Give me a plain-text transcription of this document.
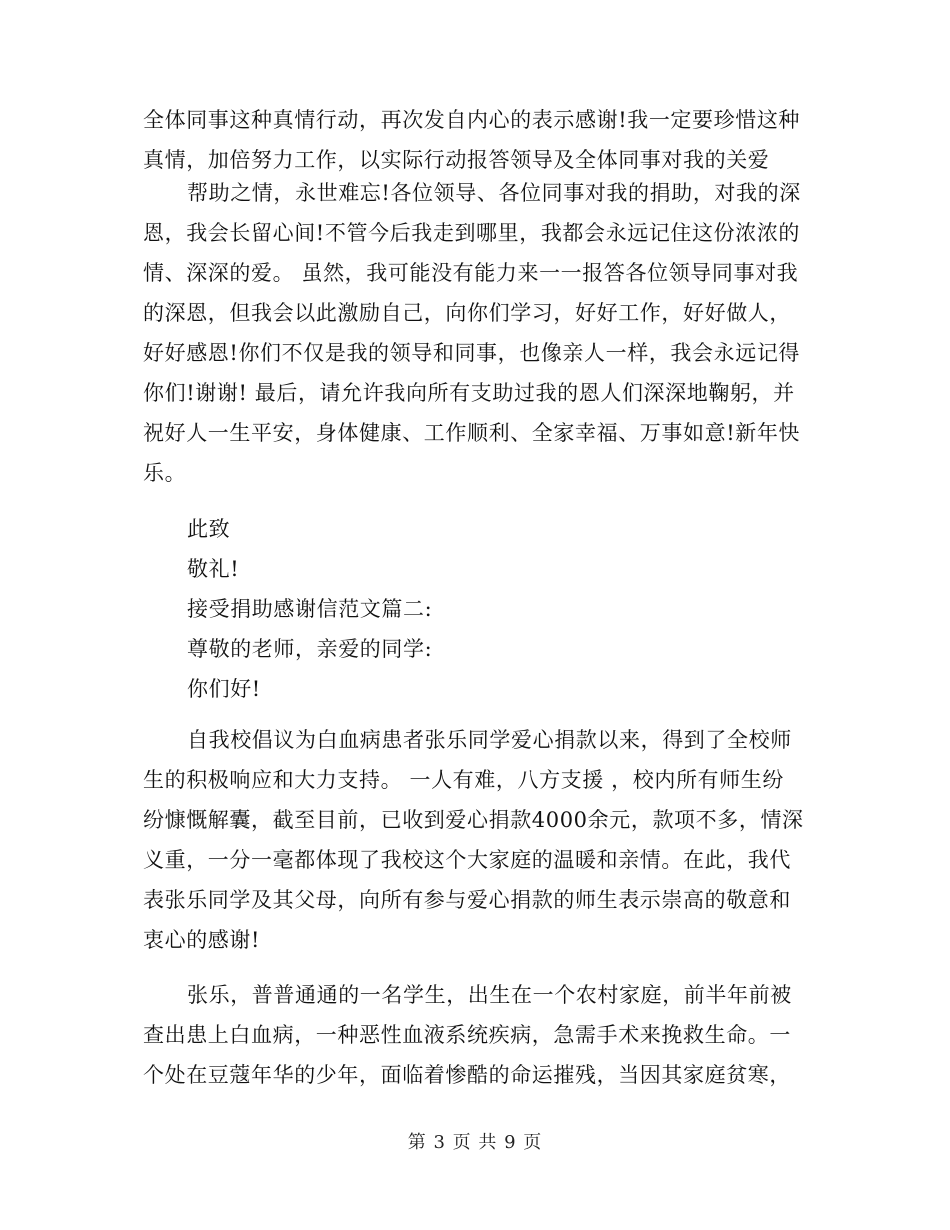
全体同事这种真情行动，再次发自内心的表示感谢!我一定要珍惜这种
真情，加倍努力工作，以实际行动报答领导及全体同事对我的关爱
帮助之情，永世难忘!各位领导、各位同事对我的捐助，对我的深
恩，我会长留心间!不管今后我走到哪里，我都会永远记住这份浓浓的
情、深深的爱。 虽然，我可能没有能力来一一报答各位领导同事对我
的深恩，但我会以此激励自己，向你们学习，好好工作，好好做人，
好好感恩!你们不仅是我的领导和同事，也像亲人一样，我会永远记得
你们!谢谢! 最后，请允许我向所有支助过我的恩人们深深地鞠躬，并
祝好人一生平安，身体健康、工作顺利、全家幸福、万事如意!新年快
乐。
此致
敬礼!
接受捐助感谢信范文篇二:
尊敬的老师，亲爱的同学:
你们好!
自我校倡议为白血病患者张乐同学爱心捐款以来，得到了全校师
生的积极响应和大力支持。 一人有难，八方支援 ，校内所有师生纷
纷慷慨解囊，截至目前，已收到爱心捐款4000余元，款项不多，情深
义重，一分一毫都体现了我校这个大家庭的温暖和亲情。在此，我代
表张乐同学及其父母，向所有参与爱心捐款的师生表示崇高的敬意和
衷心的感谢!
张乐，普普通通的一名学生，出生在一个农村家庭，前半年前被
查出患上白血病，一种恶性血液系统疾病，急需手术来挽救生命。一
个处在豆蔻年华的少年，面临着惨酷的命运摧残，当因其家庭贫寒，
第 3 页 共 9 页
